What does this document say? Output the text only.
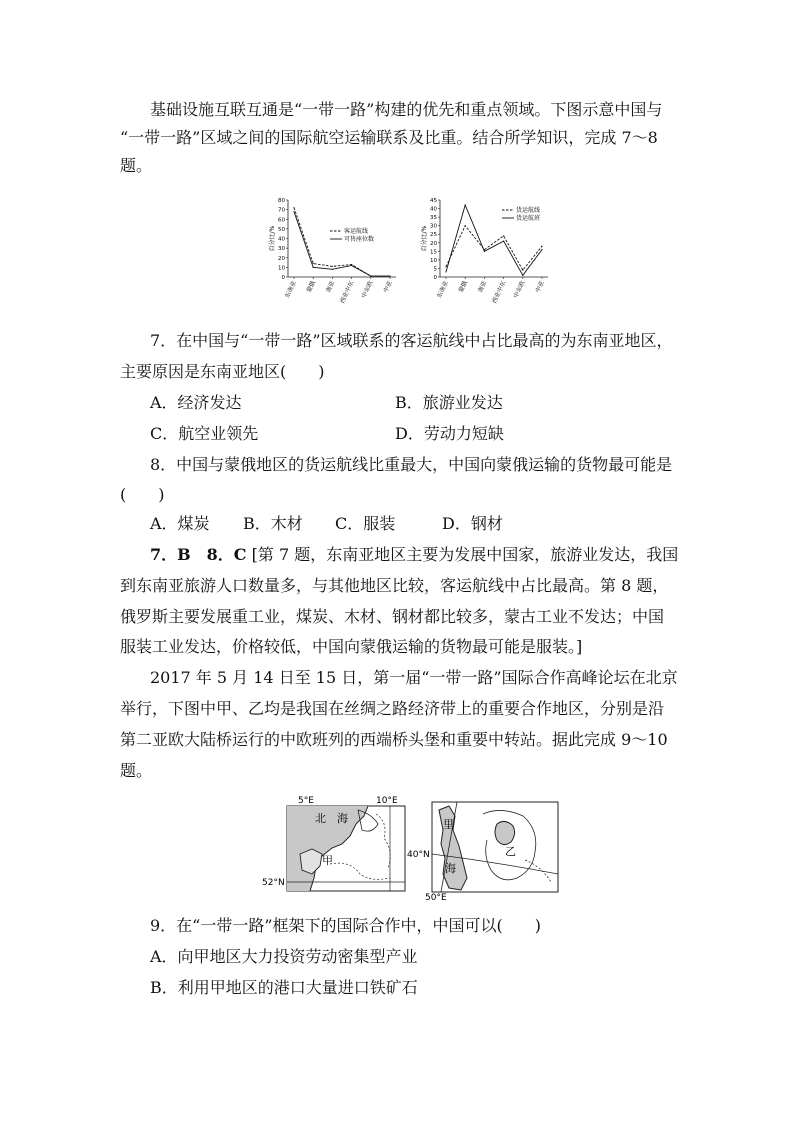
基础设施互联互通是“一带一路”构建的优先和重点领域。下图示意中国与
“一带一路”区域之间的国际航空运输联系及比重。结合所学知识，完成 7～8
题。
0
10
20
30
40
50
60
70
80
百分比/%
东南亚 蒙俄 南亚 西亚中东 中东欧 中亚
客运航线
可售座位数
0
5
10
15
20
25
30
35
40
45
百分比/%
东南亚 蒙俄 南亚 西亚中东 中东欧 中亚
货运航线
货运航班
7．在中国与“一带一路”区域联系的客运航线中占比最高的为东南亚地区，
主要原因是东南亚地区(　　)
A．经济发达	B．旅游业发达
C．航空业领先	D．劳动力短缺
8．中国与蒙俄地区的货运航线比重最大，中国向蒙俄运输的货物最可能是
(　　)
A．煤炭 B．木材 C．服装	D．钢材
7．B　8．C [第 7 题，东南亚地区主要为发展中国家，旅游业发达，我国
到东南亚旅游人口数量多，与其他地区比较，客运航线中占比最高。第 8 题，
俄罗斯主要发展重工业，煤炭、木材、钢材都比较多，蒙古工业不发达；中国
服装工业发达，价格较低，中国向蒙俄运输的货物最可能是服装。]
2017 年 5 月 14 日至 15 日，第一届“一带一路”国际合作高峰论坛在北京
举行，下图中甲、乙均是我国在丝绸之路经济带上的重要合作地区，分别是沿
第二亚欧大陆桥运行的中欧班列的西端桥头堡和重要中转站。据此完成 9～10
题。
5°E	10°E
52°N
北　海
甲	40°N
50°E
里
海
乙
9．在“一带一路”框架下的国际合作中，中国可以(　　)
A．向甲地区大力投资劳动密集型产业
B．利用甲地区的港口大量进口铁矿石
